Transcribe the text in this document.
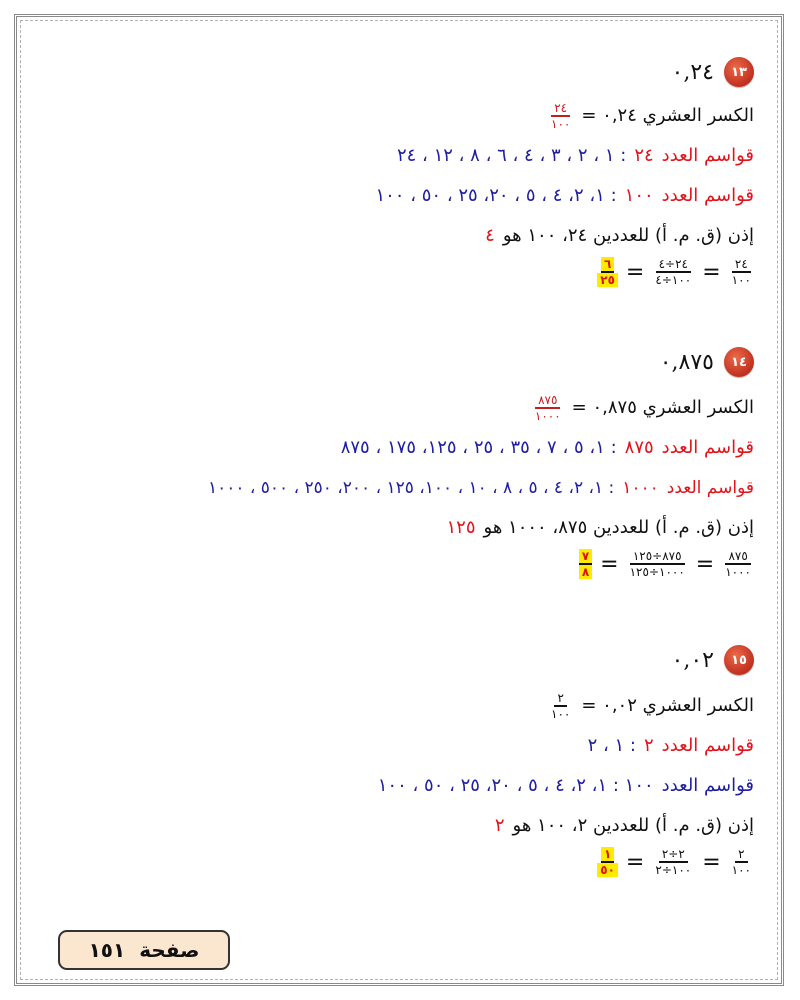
١٣
٠,٢٤
الكسر العشري ٠,٢٤ =
$\frac{٢٤}{١٠٠}$
قواسم العدد
٢٤
: ١ ، ٢ ، ٣ ، ٤ ، ٦ ، ٨ ، ١٢ ، ٢٤
قواسم العدد
١٠٠
: ١، ٢، ٤ ، ٥ ، ٢٠، ٢٥ ، ٥٠ ، ١٠٠
إذن (ق. م. أ) للعددين ٢٤، ١٠٠ هو
٤
$\frac{٢٤}{١٠٠}$
=
$\frac{٢٤\div ٤}{١٠٠\div ٤}$
=
$\frac{٦}{٢٥}$
١٤
٠,٨٧٥
الكسر العشري ٠,٨٧٥ =
$\frac{٨٧٥}{١٠٠٠}$
قواسم العدد
٨٧٥
: ١، ٥ ، ٧ ، ٣٥ ، ٢٥ ، ١٢٥، ١٧٥ ، ٨٧٥
قواسم العدد
١٠٠٠
: ١، ٢، ٤ ، ٥ ، ٨ ، ١٠ ، ١٠٠، ١٢٥ ، ٢٠٠، ٢٥٠ ، ٥٠٠ ، ١٠٠٠
إذن (ق. م. أ) للعددين ٨٧٥، ١٠٠٠ هو
١٢٥
$\frac{٨٧٥}{١٠٠٠}$
=
$\frac{٨٧٥\div ١٢٥}{١٠٠٠\div ١٢٥}$
=
$\frac{٧}{٨}$
١٥
٠,٠٢
الكسر العشري ٠,٠٢ =
$\frac{٢}{١٠٠}$
قواسم العدد
٢
: ١ ، ٢
قواسم العدد
١٠٠ : ١، ٢، ٤ ، ٥ ، ٢٠، ٢٥ ، ٥٠ ، ١٠٠
إذن (ق. م. أ) للعددين ٢، ١٠٠ هو
٢
$\frac{٢}{١٠٠}$
=
$\frac{٢\div ٢}{١٠٠\div ٢}$
=
$\frac{١}{٥٠}$
صفحة
١٥١
